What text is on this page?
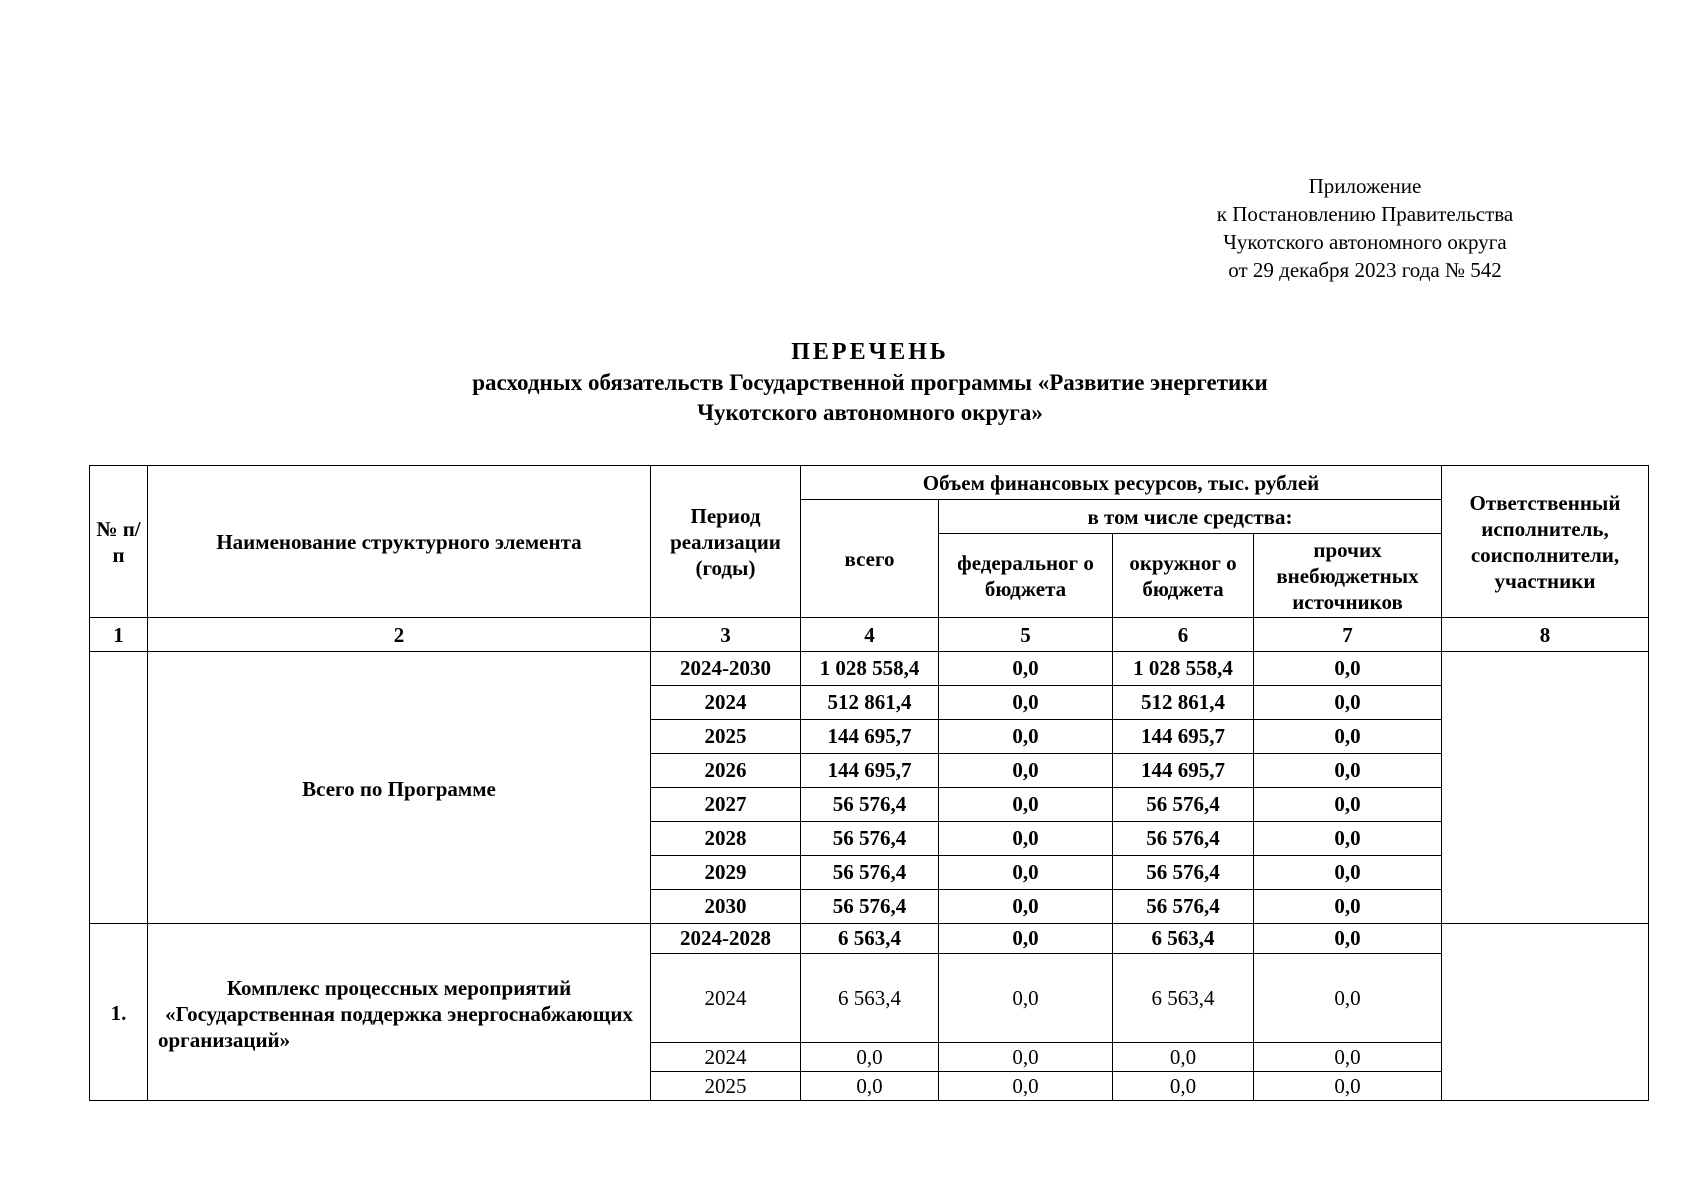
Приложение
к Постановлению Правительства
Чукотского автономного округа
от 29 декабря 2023 года № 542
ПЕРЕЧЕНЬ
расходных обязательств Государственной программы «Развитие энергетики
Чукотского автономного округа»
№ п/п	Наименование структурного элемента	Период реализации (годы)	Объем финансовых ресурсов, тыс. рублей				Ответственный исполнитель, соисполнители, участники
			всего	в том числе средства:			
				федеральног о бюджета	окружног о бюджета	прочих внебюджетных источников	
1	2	3	4	5	6	7	8
	Всего по Программе	2024-2030	1 028 558,4	0,0	1 028 558,4	0,0	
		2024	512 861,4	0,0	512 861,4	0,0	
		2025	144 695,7	0,0	144 695,7	0,0	
		2026	144 695,7	0,0	144 695,7	0,0	
		2027	56 576,4	0,0	56 576,4	0,0	
		2028	56 576,4	0,0	56 576,4	0,0	
		2029	56 576,4	0,0	56 576,4	0,0	
		2030	56 576,4	0,0	56 576,4	0,0	
1.	Комплекс процессных мероприятий «Государственная поддержка энергоснабжающих организаций»	2024-2028	6 563,4	0,0	6 563,4	0,0	
		2024	6 563,4	0,0	6 563,4	0,0	
		2024	0,0	0,0	0,0	0,0	
		2025	0,0	0,0	0,0	0,0	
